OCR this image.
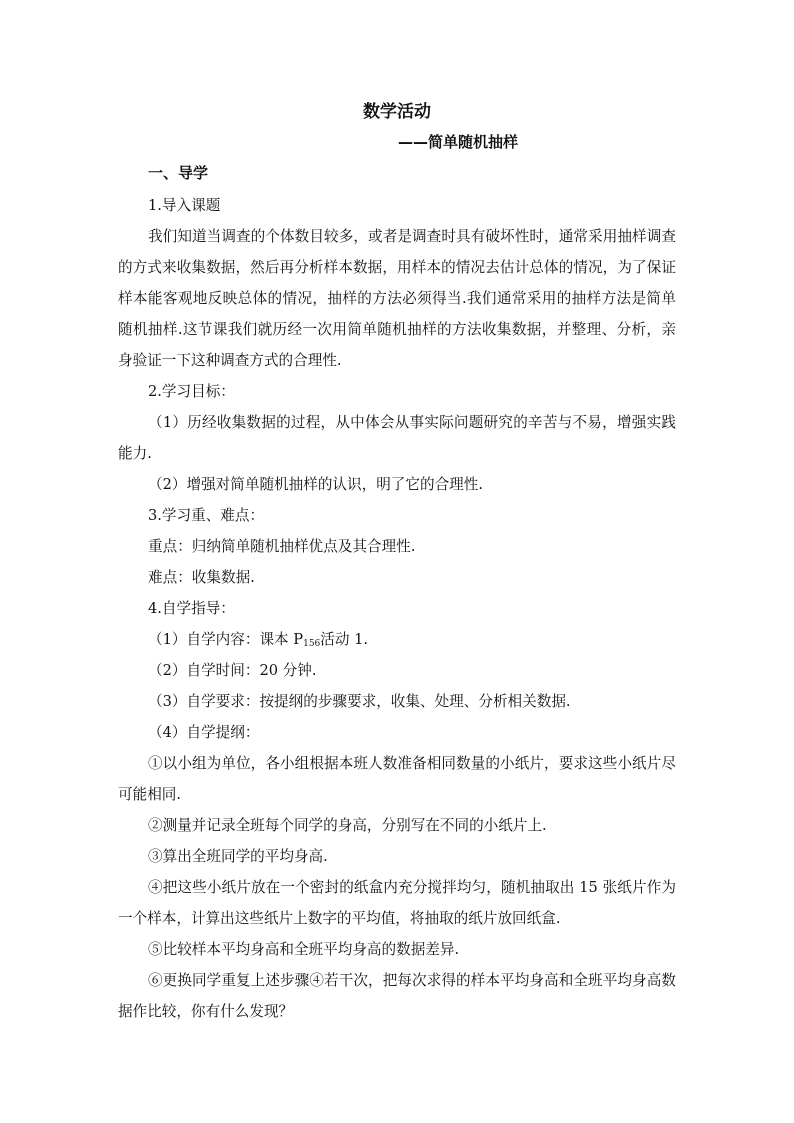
数学活动
——简单随机抽样
一、导学

1.导入课题

我们知道当调查的个体数目较多，或者是调查时具有破坏性时，通常采用抽样调查的方式来收集数据，然后再分析样本数据，用样本的情况去估计总体的情况，为了保证样本能客观地反映总体的情况，抽样的方法必须得当.我们通常采用的抽样方法是简单随机抽样.这节课我们就历经一次用简单随机抽样的方法收集数据，并整理、分析，亲身验证一下这种调查方式的合理性.

2.学习目标：

（1）历经收集数据的过程，从中体会从事实际问题研究的辛苦与不易，增强实践能力.

（2）增强对简单随机抽样的认识，明了它的合理性.

3.学习重、难点：

重点：归纳简单随机抽样优点及其合理性.

难点：收集数据.

4.自学指导：

（1）自学内容：课本 $P_{156}$活动 1.

（2）自学时间：20 分钟.

（3）自学要求：按提纲的步骤要求，收集、处理、分析相关数据.

（4）自学提纲：

①以小组为单位，各小组根据本班人数准备相同数量的小纸片，要求这些小纸片尽可能相同.

②测量并记录全班每个同学的身高，分别写在不同的小纸片上.

③算出全班同学的平均身高.

④把这些小纸片放在一个密封的纸盒内充分搅拌均匀，随机抽取出 15 张纸片作为一个样本，计算出这些纸片上数字的平均值，将抽取的纸片放回纸盒.

⑤比较样本平均身高和全班平均身高的数据差异.

⑥更换同学重复上述步骤④若干次，把每次求得的样本平均身高和全班平均身高数据作比较，你有什么发现？
